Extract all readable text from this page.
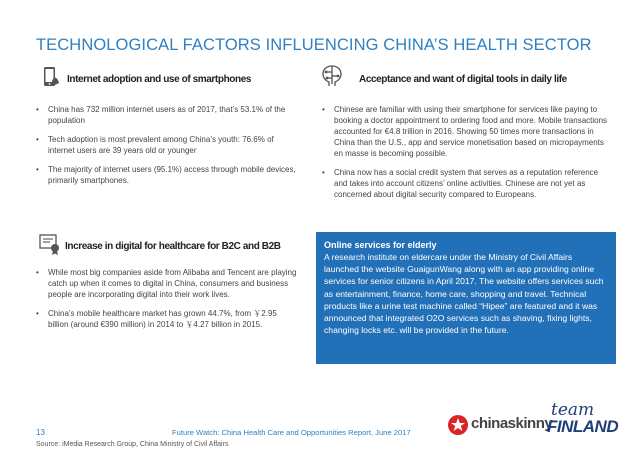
TECHNOLOGICAL FACTORS INFLUENCING CHINA’S HEALTH SECTOR
Internet adoption and use of smartphones
• China has 732 million internet users as of 2017, that’s 53.1% of the population
• Tech adoption is most prevalent among China’s youth: 76.6% of internet users are 39 years old or younger
• The majority of internet users (95.1%) access through mobile devices, primarily smartphones.
Acceptance and want of digital tools in daily life
• Chinese are familiar with using their smartphone for services like paying to booking a doctor appointment to ordering food and more. Mobile transactions accounted for €4.8 trillion in 2016. Showing 50 times more transactions in China than the U.S., app and service monetisation based on micropayments en masse is becoming possible.
• China now has a social credit system that serves as a reputation reference and takes into account citizens’ online activities. Chinese are not yet as concerned about digital security compared to Europeans.
Increase in digital for healthcare for B2C and B2B
• While most big companies aside from Alibaba and Tencent are playing catch up when it comes to digital in China, consumers and business people are incorporating digital into their work lives.
• China’s mobile healthcare market has grown 44.7%, from ￥2.95 billion (around €390 million) in 2014 to ￥4.27 billion in 2015.
Online services for elderly
A research institute on eldercare under the Ministry of Civil Affairs launched the website GuaigunWang along with an app providing online services for senior citizens in April 2017. The website offers services such as entertainment, finance, home care, shopping and travel. Technical products like a urine test machine called “Hipee” are featured and it was announced that integrated O2O services such as shaving, fixing lights, changing locks etc. will be provided in the future.
13	Future Watch: China Health Care and Opportunities Report, June 2017
Source: iMedia Research Group, China Ministry of Civil Affairs
chinaskinny
team
FINLAND
